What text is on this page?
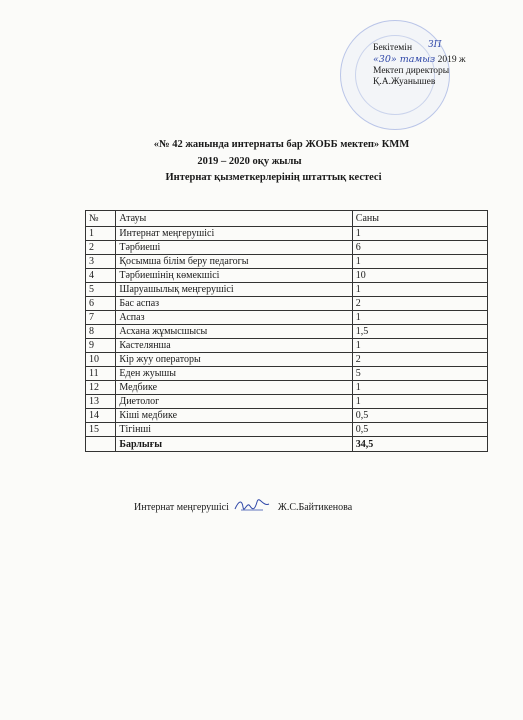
Бекітемін
«30» тамыз 2019 ж
Мектеп директоры
Қ.А.Жуанышев
ЗП
«№ 42 жанында интернаты бар ЖОББ мектеп» КММ
2019 – 2020 оқу жылы
Интернат қызметкерлерінің штаттық кестесі
№	Атауы	Саны
1	Интернат меңгерушісі	1
2	Тәрбиеші	6
3	Қосымша білім беру педагогы	1
4	Тәрбиешінің көмекшісі	10
5	Шаруашылық меңгерушісі	1
6	Бас аспаз	2
7	Аспаз	1
8	Асхана жұмысшысы	1,5
9	Кастелянша	1
10	Кір жуу операторы	2
11	Еден жуышы	5
12	Медбике	1
13	Диетолог	1
14	Кіші медбике	0,5
15	Тігінші	0,5
	Барлығы	34,5
Интернат меңгерушісі	Ж.С.Байтикенова
